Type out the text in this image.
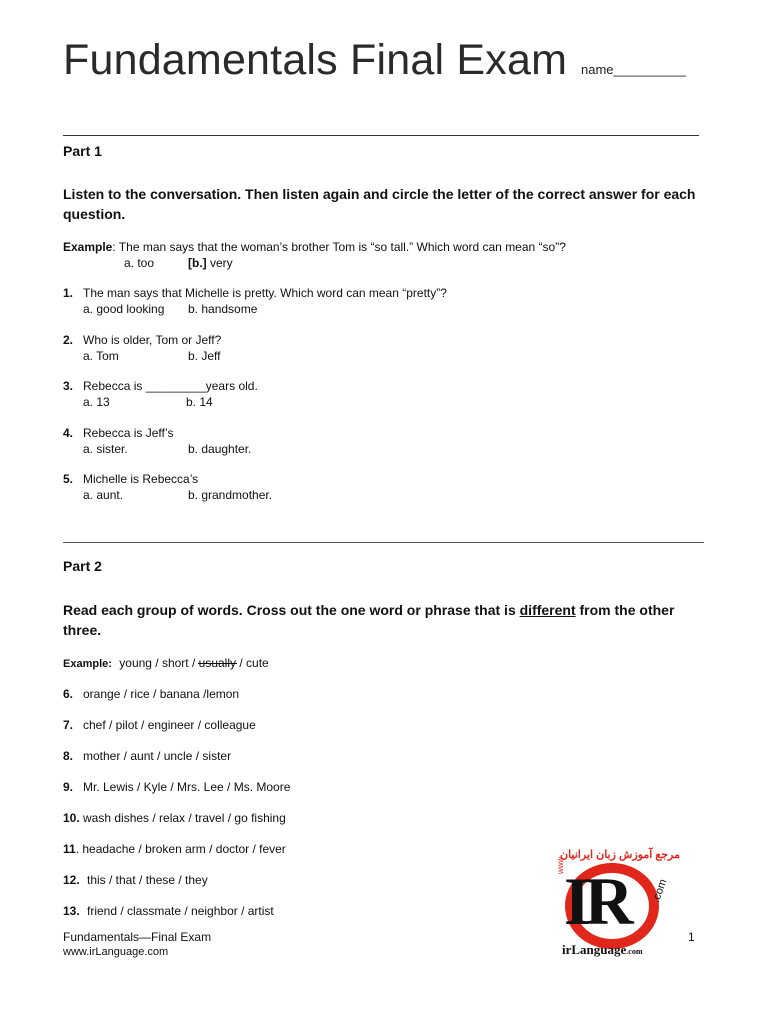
Fundamentals Final Exam name__________
Part 1
Listen to the conversation. Then listen again and circle the letter of the correct answer for each question.
Example: The man says that the woman’s brother Tom is “so tall.” Which word can mean “so”?
a. too	[b.] very
1. The man says that Michelle is pretty. Which word can mean “pretty”?
a. good looking b. handsome
2. Who is older, Tom or Jeff?
a. Tom	b. Jeff
3. Rebecca is _________years old.
a. 13	b. 14
4. Rebecca is Jeff’s
a. sister.	b. daughter.
5. Michelle is Rebecca’s
a. aunt.	b. grandmother.
Part 2
Read each group of words. Cross out the one word or phrase that is different from the other three.
Example: young / short / usually / cute
6. orange / rice / banana /lemon
7. chef / pilot / engineer / colleague
8. mother / aunt / uncle / sister
9. Mr. Lewis / Kyle / Mrs. Lee / Ms. Moore
10. wash dishes / relax / travel / go fishing
11. headache / broken arm / doctor / fever
12. this / that / these / they
13. friend / classmate / neighbor / artist
Fundamentals—Final Exam
www.irLanguage.com
1
مرجع آموزش زبان ایرانیان
www IR .com
irLanguage.com
